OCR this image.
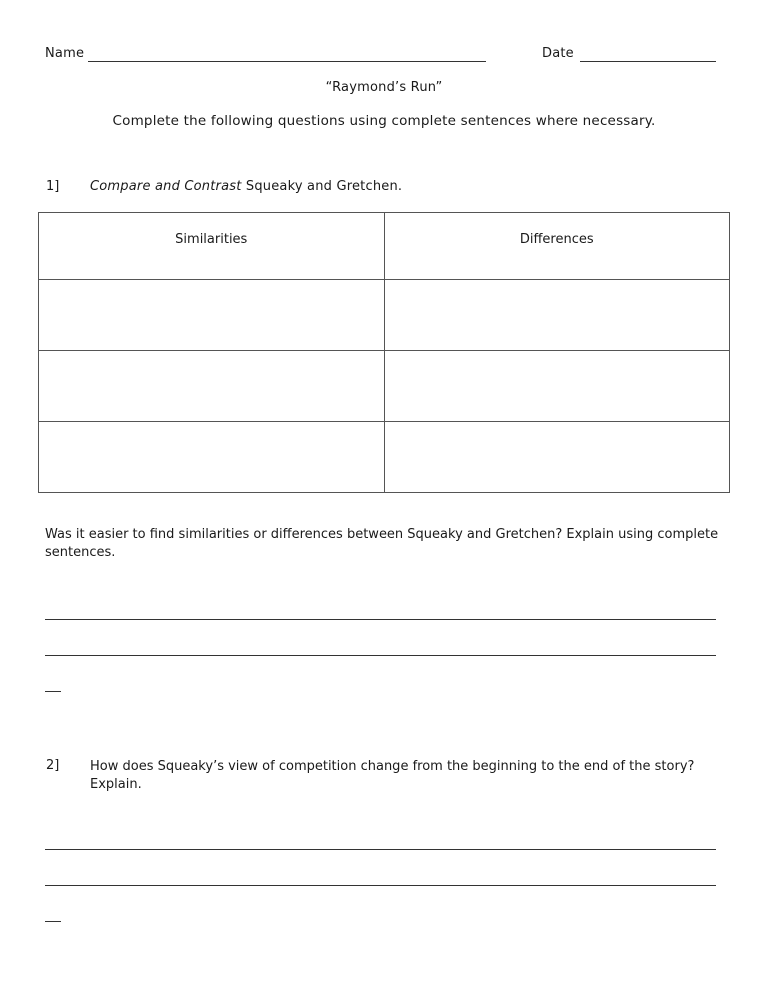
Name	Date
“Raymond’s Run”
Complete the following questions using complete sentences where necessary.
1] Compare and Contrast Squeaky and Gretchen.
Similarities	Differences

Was it easier to find similarities or differences between Squeaky and Gretchen? Explain using complete sentences.
2] How does Squeaky’s view of competition change from the beginning to the end of the story? Explain.
